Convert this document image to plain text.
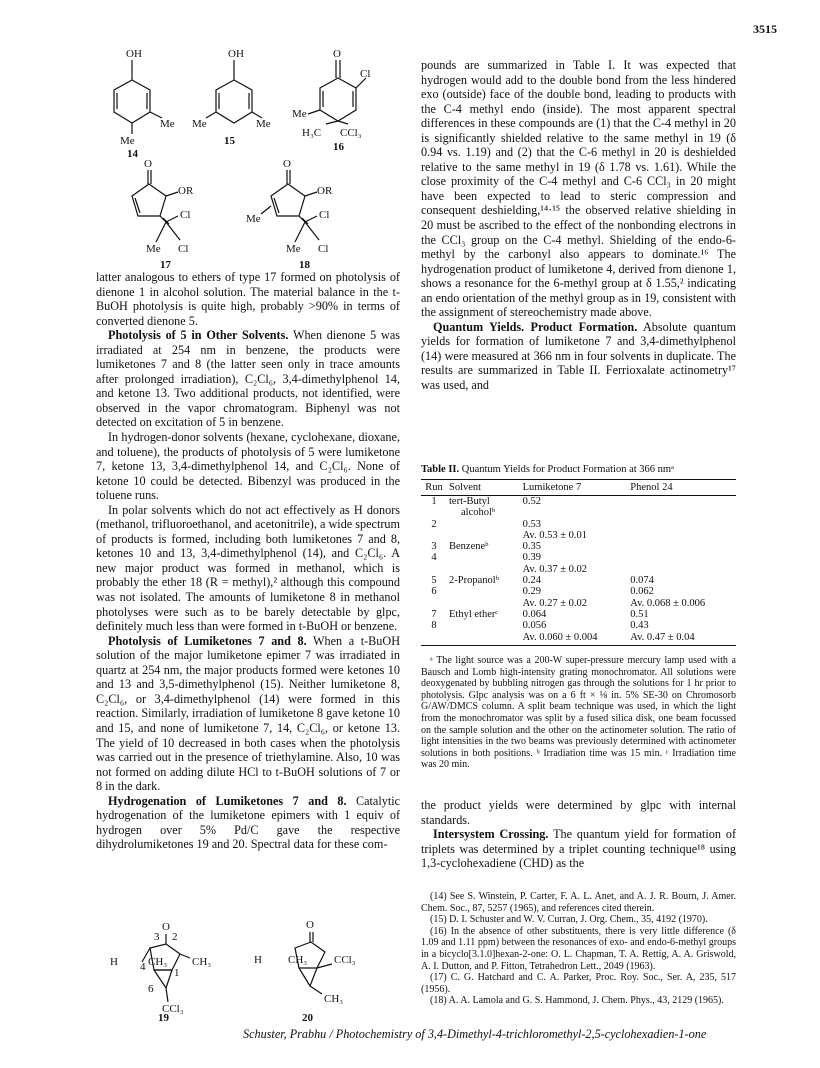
3515
OH
Me
Me
14
OH
Me	Me
15
O
Cl
Me
H₃C CCl₃
16
O
OR
Cl
Me Cl
17
O
OR
Cl
Me
Me Cl
18

latter analogous to ethers of type 17 formed on photolysis of dienone 1 in alcohol solution. The material balance in the t-BuOH photolysis is quite high, probably >90% in terms of converted dienone 5.

Photolysis of 5 in Other Solvents. When dienone 5 was irradiated at 254 nm in benzene, the products were lumiketones 7 and 8 (the latter seen only in trace amounts after prolonged irradiation), C₂Cl₆, 3,4-dimethylphenol 14, and ketone 13. Two additional products, not identified, were observed in the vapor chromatogram. Biphenyl was not detected on excitation of 5 in benzene.

In hydrogen-donor solvents (hexane, cyclohexane, dioxane, and toluene), the products of photolysis of 5 were lumiketone 7, ketone 13, 3,4-dimethylphenol 14, and C₂Cl₆. None of ketone 10 could be detected. Bibenzyl was produced in the toluene runs.

In polar solvents which do not act effectively as H donors (methanol, trifluoroethanol, and acetonitrile), a wide spectrum of products is formed, including both lumiketones 7 and 8, ketones 10 and 13, 3,4-dimethylphenol (14), and C₂Cl₆. A new major product was formed in methanol, which is probably the ether 18 (R = methyl),² although this compound was not isolated. The amounts of lumiketone 8 in methanol photolyses were such as to be barely detectable by glpc, definitely much less than were formed in t-BuOH or benzene.

Photolysis of Lumiketones 7 and 8. When a t-BuOH solution of the major lumiketone epimer 7 was irradiated in quartz at 254 nm, the major products formed were ketones 10 and 13 and 3,5-dimethylphenol (15). Neither lumiketone 8, C₂Cl₆, or 3,4-dimethylphenol (14) were formed in this reaction. Similarly, irradiation of lumiketone 8 gave ketone 10 and 15, and none of lumiketone 7, 14, C₂Cl₆, or ketone 13. The yield of 10 decreased in both cases when the photolysis was carried out in the presence of triethylamine. Also, 10 was not formed on adding dilute HCl to t-BuOH solutions of 7 or 8 in the dark.

Hydrogenation of Lumiketones 7 and 8. Catalytic hydrogenation of the lumiketone epimers with 1 equiv of hydrogen over 5% Pd/C gave the respective dihydrolumiketones 19 and 20. Spectral data for these com-

O
3 2
H	CH₃ CH₃
4	1
6
CCl₃
O
H CH₃ CCl₃
CH₃
19	20

pounds are summarized in Table I. It was expected that hydrogen would add to the double bond from the less hindered exo (outside) face of the double bond, leading to products with the C-4 methyl endo (inside). The most apparent spectral differences in these compounds are (1) that the C-4 methyl in 20 is significantly shielded relative to the same methyl in 19 (δ 0.94 vs. 1.19) and (2) that the C-6 methyl in 20 is deshielded relative to the same methyl in 19 (δ 1.78 vs. 1.61). While the close proximity of the C-4 methyl and C-6 CCl₃ in 20 might have been expected to lead to steric compression and consequent deshielding,¹⁴·¹⁵ the observed relative shielding in 20 must be ascribed to the effect of the nonbonding electrons in the CCl₃ group on the C-4 methyl. Shielding of the endo-6-methyl by the carbonyl also appears to dominate.¹⁶ The hydrogenation product of lumiketone 4, derived from dienone 1, shows a resonance for the 6-methyl group at δ 1.55,² indicating an endo orientation of the methyl group as in 19, consistent with the assignment of stereochemistry made above.

Quantum Yields. Product Formation. Absolute quantum yields for formation of lumiketone 7 and 3,4-dimethylphenol (14) were measured at 366 nm in four solvents in duplicate. The results are summarized in Table II. Ferrioxalate actinometry¹⁷ was used, and

Table II. Quantum Yields for Product Formation at 366 nmᵃ
Run	Solvent	Lumiketone 7	Phenol 24
1	tert-Butyl	0.52	
	alcoholᵇ		
2		0.53	
		Av. 0.53 ± 0.01	
3	Benzeneᵇ	0.35	
4		0.39	
		Av. 0.37 ± 0.02	
5	2-Propanolᵇ	0.24	0.074
6		0.29	0.062
		Av. 0.27 ± 0.02	Av. 0.068 ± 0.006
7	Ethyl etherᶜ	0.064	0.51
8		0.056	0.43
		Av. 0.060 ± 0.004	Av. 0.47 ± 0.04

ᵃ The light source was a 200-W super-pressure mercury lamp used with a Bausch and Lomb high-intensity grating monochromator. All solutions were deoxygenated by bubbling nitrogen gas through the solutions for 1 hr prior to photolysis. Glpc analysis was on a 6 ft × ⅛ in. 5% SE-30 on Chromosorb G/AW/DMCS column. A split beam technique was used, in which the light from the monochromator was split by a fused silica disk, one beam focussed on the sample solution and the other on the actinometer solution. The ratio of light intensities in the two beams was previously determined with actinometer solutions in both positions. ᵇ Irradiation time was 15 min. ᶜ Irradiation time was 20 min.

the product yields were determined by glpc with internal standards.

Intersystem Crossing. The quantum yield for formation of triplets was determined by a triplet counting technique¹⁸ using 1,3-cyclohexadiene (CHD) as the

(14) See S. Winstein, P. Carter, F. A. L. Anet, and A. J. R. Bourn, J. Amer. Chem. Soc., 87, 5257 (1965), and references cited therein.

(15) D. I. Schuster and W. V. Curran, J. Org. Chem., 35, 4192 (1970).

(16) In the absence of other substituents, there is very little difference (δ 1.09 and 1.11 ppm) between the resonances of exo- and endo-6-methyl groups in a bicyclo[3.1.0]hexan-2-one: O. L. Chapman, T. A. Rettig, A. A. Griswold, A. I. Dutton, and P. Fitton, Tetrahedron Lett., 2049 (1963).

(17) C. G. Hatchard and C. A. Parker, Proc. Roy. Soc., Ser. A, 235, 517 (1956).

(18) A. A. Lamola and G. S. Hammond, J. Chem. Phys., 43, 2129 (1965).

Schuster, Prabhu / Photochemistry of 3,4-Dimethyl-4-trichloromethyl-2,5-cyclohexadien-1-one
